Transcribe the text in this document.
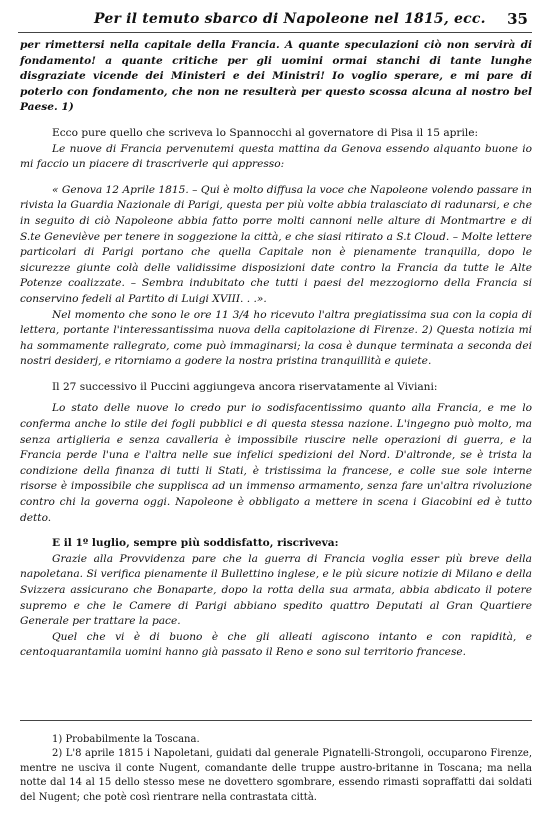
Per il temuto sbarco di Napoleone nel 1815, ecc. 35

per rimettersi nella capitale della Francia. A quante speculazioni ciò non servirà di fondamento! a quante critiche per gli uomini ormai stanchi di tante lunghe disgraziate vicende dei Ministeri e dei Ministri! Io voglio sperare, e mi pare di poterlo con fondamento, che non ne resulterà per questo scossa alcuna al nostro bel Paese. 1)

Ecco pure quello che scriveva lo Spannocchi al governatore di Pisa il 15 aprile:

Le nuove di Francia pervenutemi questa mattina da Genova essendo alquanto buone io mi faccio un piacere di trascriverle qui appresso:

« Genova 12 Aprile 1815. – Qui è molto diffusa la voce che Napoleone volendo passare in rivista la Guardia Nazionale di Parigi, questa per più volte abbia tralasciato di radunarsi, e che in seguito di ciò Napoleone abbia fatto porre molti cannoni nelle alture di Montmartre e di S.te Geneviève per tenere in soggezione la città, e che siasi ritirato a S.t Cloud. – Molte lettere particolari di Parigi portano che quella Capitale non è pienamente tranquilla, dopo le sicurezze giunte colà delle validissime disposizioni date contro la Francia da tutte le Alte Potenze coalizzate. – Sembra indubitato che tutti i paesi del mezzogiorno della Francia si conservino fedeli al Partito di Luigi XVIII. . .».

Nel momento che sono le ore 11 3/4 ho ricevuto l'altra pregiatissima sua con la copia di lettera, portante l'interessantissima nuova della capitolazione di Firenze. 2) Questa notizia mi ha sommamente rallegrato, come può immaginarsi; la cosa è dunque terminata a seconda dei nostri desiderj, e ritorniamo a godere la nostra pristina tranquillità e quiete.

Il 27 successivo il Puccini aggiungeva ancora riservatamente al Viviani:

Lo stato delle nuove lo credo pur io sodisfacentissimo quanto alla Francia, e me lo conferma anche lo stile dei fogli pubblici e di questa stessa nazione. L'ingegno può molto, ma senza artiglieria e senza cavalleria è impossibile riuscire nelle operazioni di guerra, e la Francia perde l'una e l'altra nelle sue infelici spedizioni del Nord. D'altronde, se è trista la condizione della finanza di tutti li Stati, è tristissima la francese, e colle sue sole interne risorse è impossibile che supplisca ad un immenso armamento, senza fare un'altra rivoluzione contro chi la governa oggi. Napoleone è obbligato a mettere in scena i Giacobini ed è tutto detto.

E il 1º luglio, sempre più soddisfatto, riscriveva:

Grazie alla Provvidenza pare che la guerra di Francia voglia esser più breve della napoletana. Si verifica pienamente il Bullettino inglese, e le più sicure notizie di Milano e della Svizzera assicurano che Bonaparte, dopo la rotta della sua armata, abbia abdicato il potere supremo e che le Camere di Parigi abbiano spedito quattro Deputati al Gran Quartiere Generale per trattare la pace.

Quel che vi è di buono è che gli alleati agiscono intanto e con rapidità, e centoquarantamila uomini hanno già passato il Reno e sono sul territorio francese.

1) Probabilmente la Toscana.

2) L'8 aprile 1815 i Napoletani, guidati dal generale Pignatelli-Strongoli, occuparono Firenze, mentre ne usciva il conte Nugent, comandante delle truppe austro-britanne in Toscana; ma nella notte dal 14 al 15 dello stesso mese ne dovettero sgombrare, essendo rimasti sopraffatti dai soldati del Nugent; che potè così rientrare nella contrastata città.
